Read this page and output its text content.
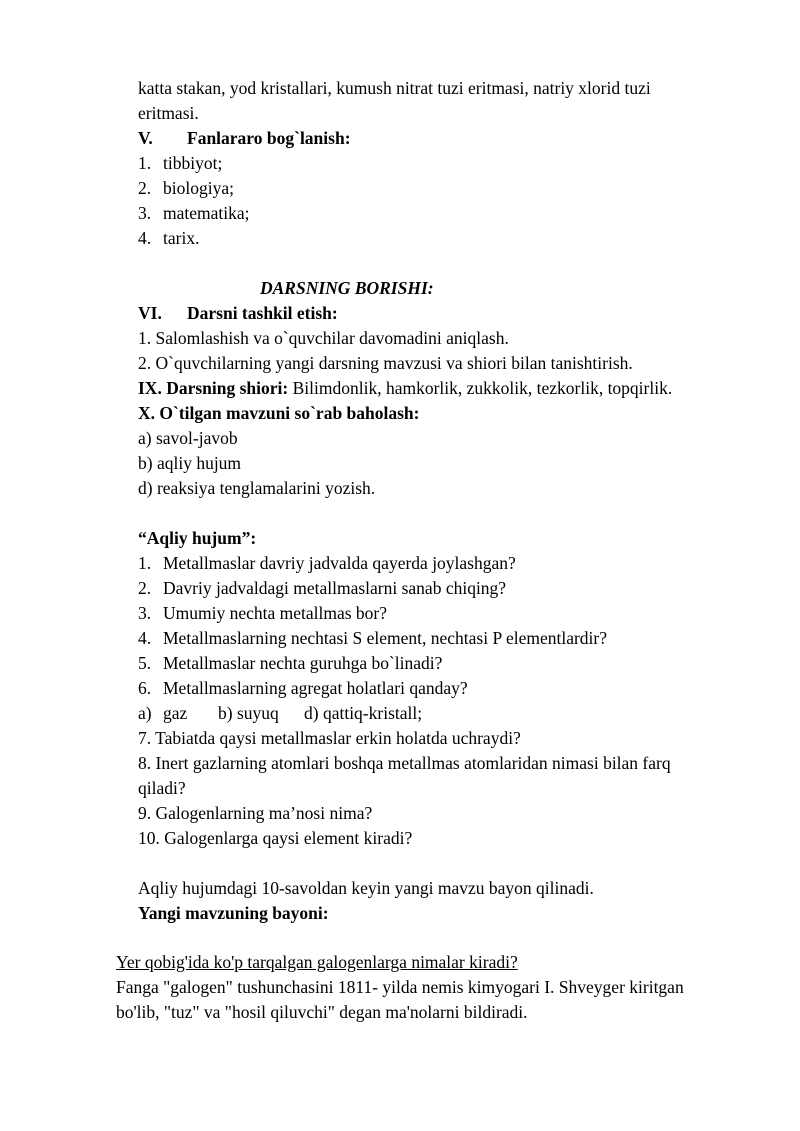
katta stakan, yod kristallari, kumush nitrat tuzi eritmasi, natriy xlorid tuzi
eritmasi.
V. Fanlararo bog`lanish:
1. tibbiyot;
2. biologiya;
3. matematika;
4. tarix.
DARSNING BORISHI:
VI. Darsni tashkil etish:
1. Salomlashish va o`quvchilar davomadini aniqlash.
2. O`quvchilarning yangi darsning mavzusi va shiori bilan tanishtirish.
IX. Darsning shiori: Bilimdonlik, hamkorlik, zukkolik, tezkorlik, topqirlik.
X. O`tilgan mavzuni so`rab baholash:
a) savol-javob
b) aqliy hujum
d) reaksiya tenglamalarini yozish.
“Aqliy hujum”:
1. Metallmaslar davriy jadvalda qayerda joylashgan?
2. Davriy jadvaldagi metallmaslarni sanab chiqing?
3. Umumiy nechta metallmas bor?
4. Metallmaslarning nechtasi S element, nechtasi P elementlardir?
5. Metallmaslar nechta guruhga bo`linadi?
6. Metallmaslarning agregat holatlari qanday?
a) gaz b) suyuq d) qattiq-kristall;
7. Tabiatda qaysi metallmaslar erkin holatda uchraydi?
8. Inert gazlarning atomlari boshqa metallmas atomlaridan nimasi bilan farq
qiladi?
9. Galogenlarning ma’nosi nima?
10. Galogenlarga qaysi element kiradi?
Aqliy hujumdagi 10-savoldan keyin yangi mavzu bayon qilinadi.
Yangi mavzuning bayoni:
Yer qobig'ida ko'p tarqalgan galogenlarga nimalar kiradi?
Fanga "galogen" tushunchasini 1811- yilda nemis kimyogari I. Shveyger kiritgan
bo'lib, "tuz" va "hosil qiluvchi" degan ma'nolarni bildiradi.
